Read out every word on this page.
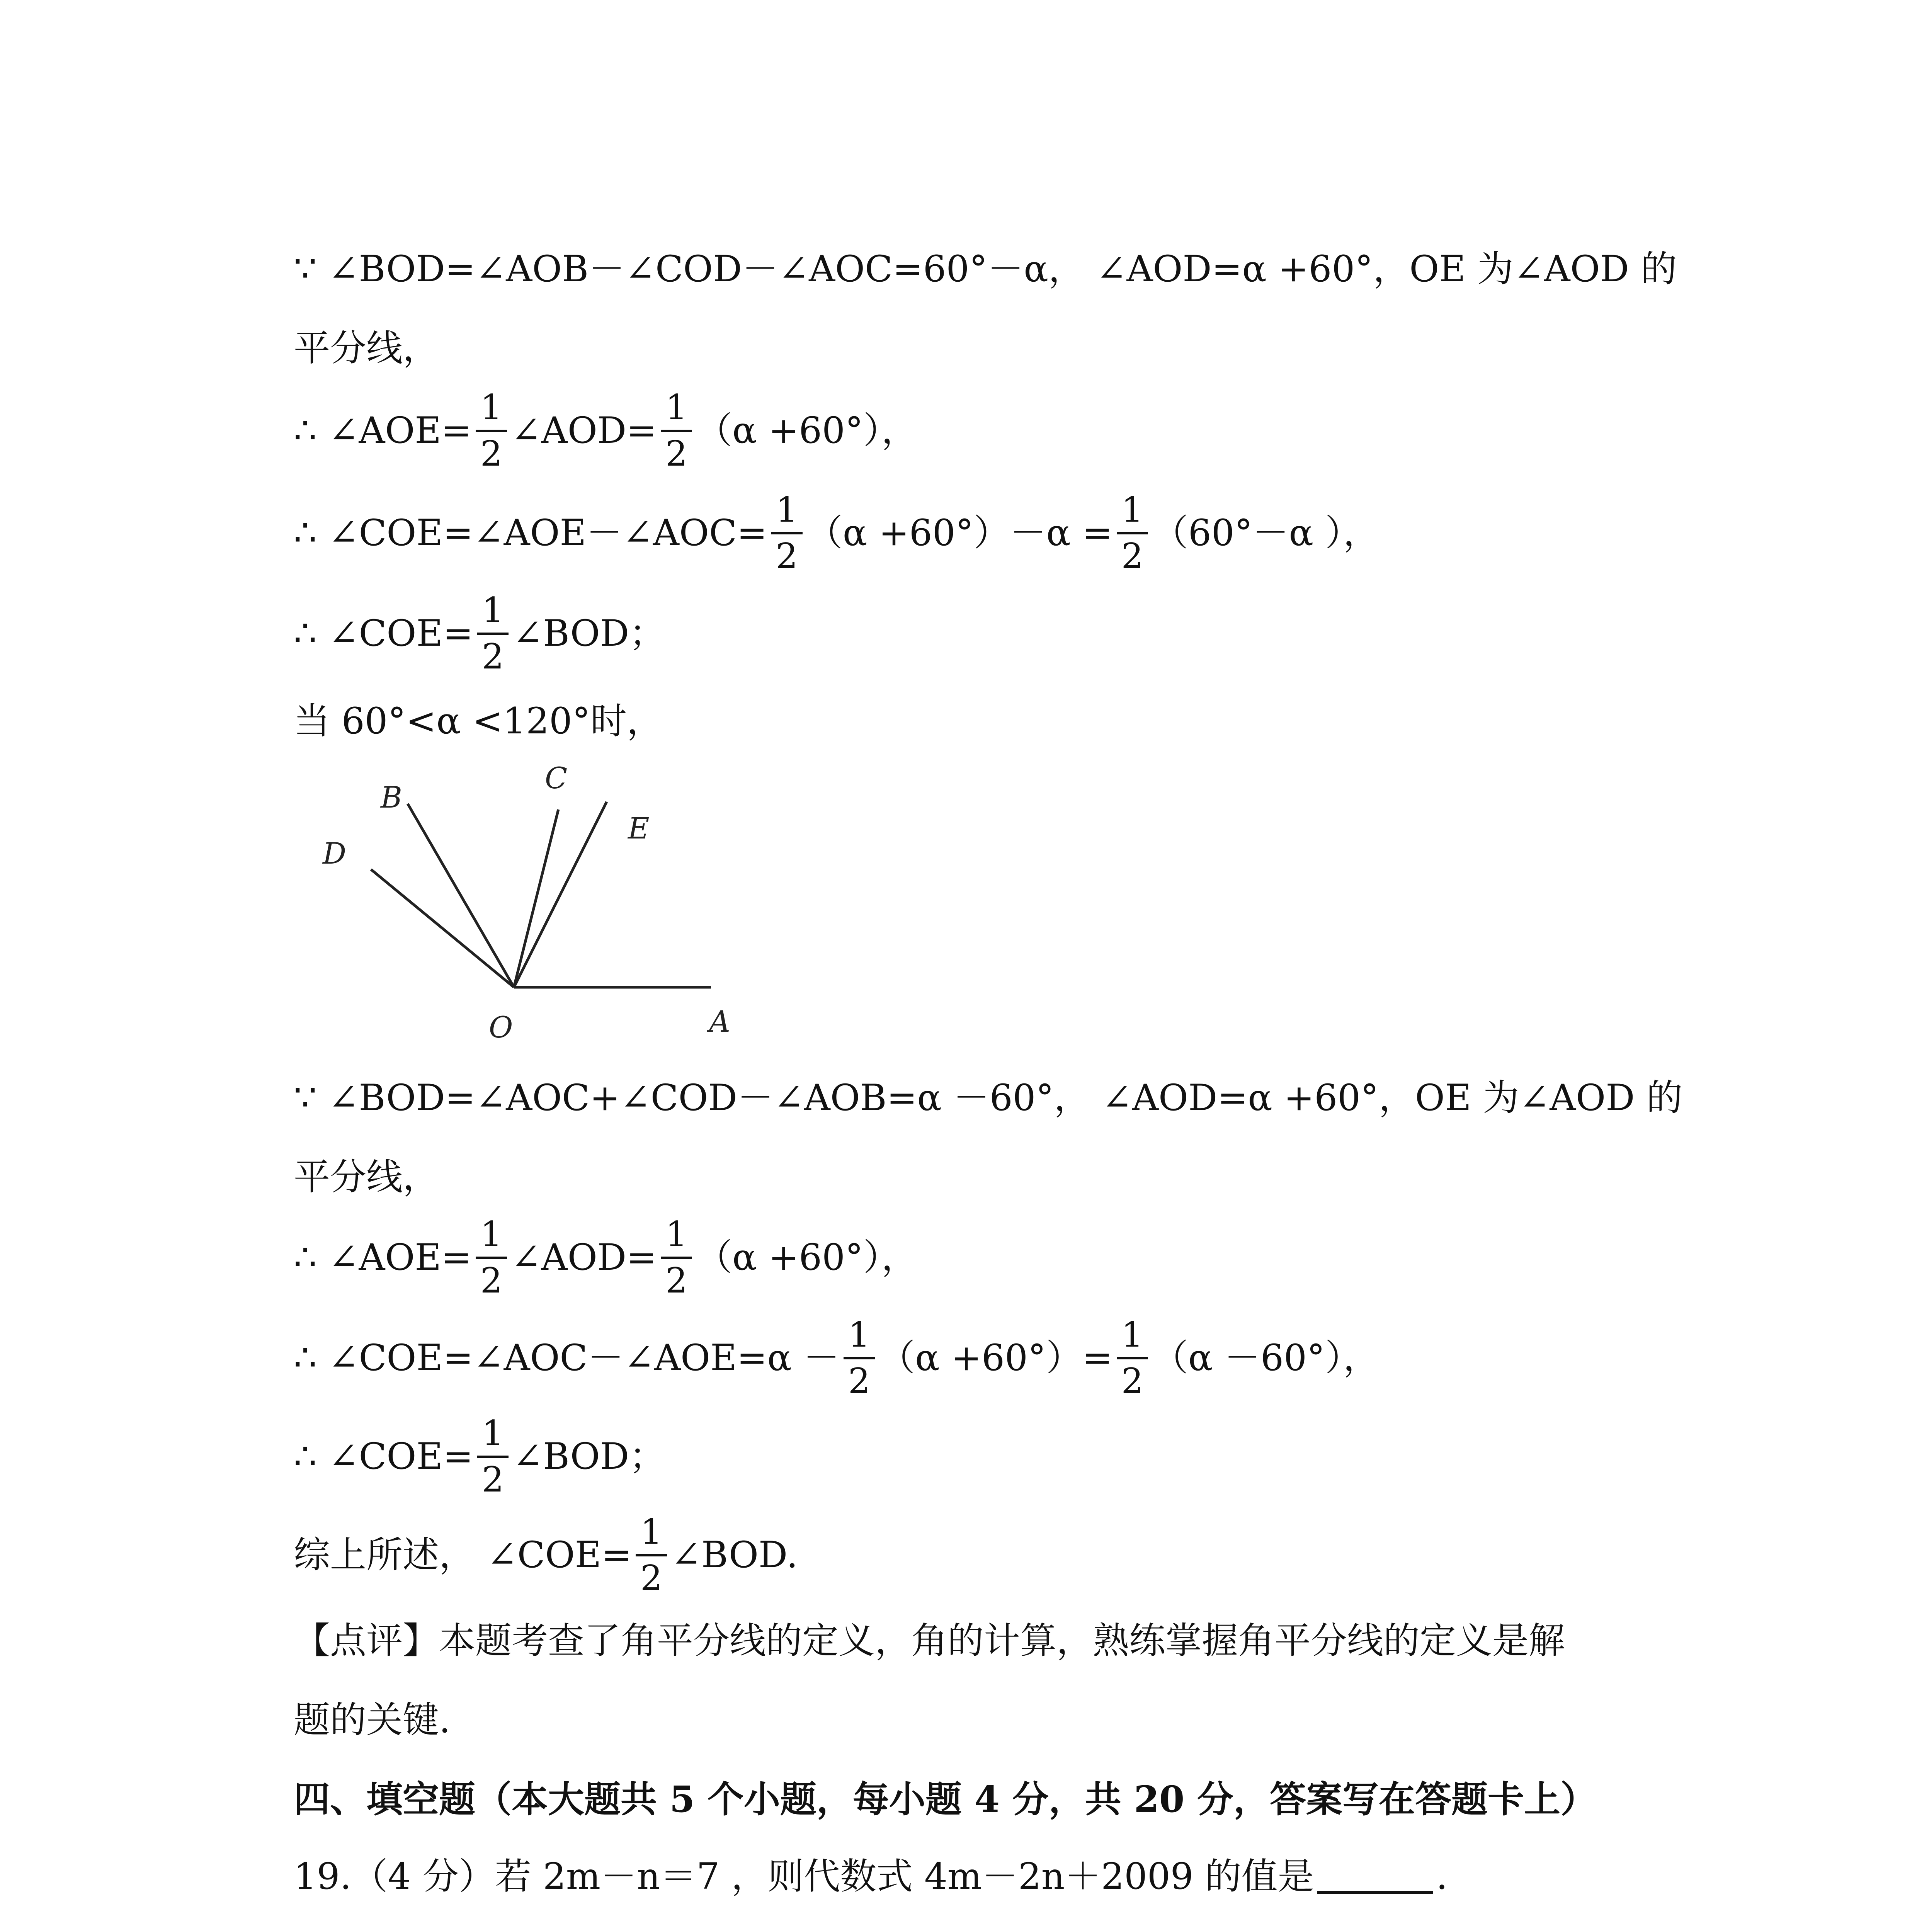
∵ ∠BOD=∠AOB－∠COD－∠AOC=60°－α， ∠AOD=α +60°，OE 为∠AOD 的
平分线，
∴ ∠AOE= $\frac{1}{2}$ ∠AOD= $\frac{1}{2} (\alpha +60^\circ)$，
∴ ∠COE=∠AOE－∠AOC= $\frac{1}{2} (\alpha +60^\circ)-\alpha = \frac{1}{2} (60^\circ-\alpha$ ），
∴ ∠COE= $\frac{1}{2}$ ∠BOD；
当 60°<α <120°时，
D
B
C
E
O	A
∵ ∠BOD=∠AOC+∠COD－∠AOB=α －60°， ∠AOD=α +60°，OE 为∠AOD 的
平分线，
∴ ∠AOE= $\frac{1}{2}$ ∠AOD= $\frac{1}{2} (\alpha +60^\circ)$，
∴ ∠COE=∠AOC－∠AOE=α － $\frac{1}{2} (\alpha +60^\circ)= \frac{1}{2} (\alpha -60^\circ)$，
∴ ∠COE= $\frac{1}{2}$ ∠BOD；
综上所述， ∠COE= $\frac{1}{2}$ ∠BOD.
【点评】本题考查了角平分线的定义，角的计算，熟练掌握角平分线的定义是解
题的关键.
四、填空题（本大题共 5 个小题，每小题 4 分，共 20 分，答案写在答题卡上）
19.（4 分）若 2m－n＝7 ，则代数式 4m－2n＋2009 的值是	.
